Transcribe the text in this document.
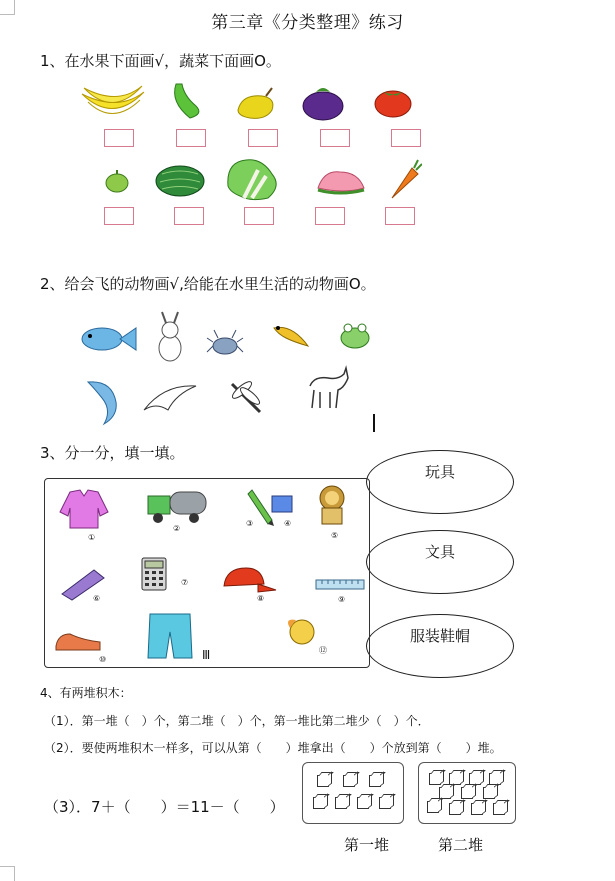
第三章《分类整理》练习
1、在水果下面画√，蔬菜下面画O。
2、给会飞的动物画√,给能在水里生活的动物画O。
3、分一分，填一填。
玩具
文具
服装鞋帽
①
②
③	④
⑤
⑥
⑦
⑧	⑨
⑩	Ⅲ	⑫
4、有两堆积木：
（1）．第一堆（　）个，第二堆（　）个，第一堆比第二堆少（　）个．
（2）．要使两堆积木一样多，可以从第（　　）堆拿出（　　）个放到第（　　）堆。
（3）．7＋（　　）＝11－（　　）
第一堆	第二堆
